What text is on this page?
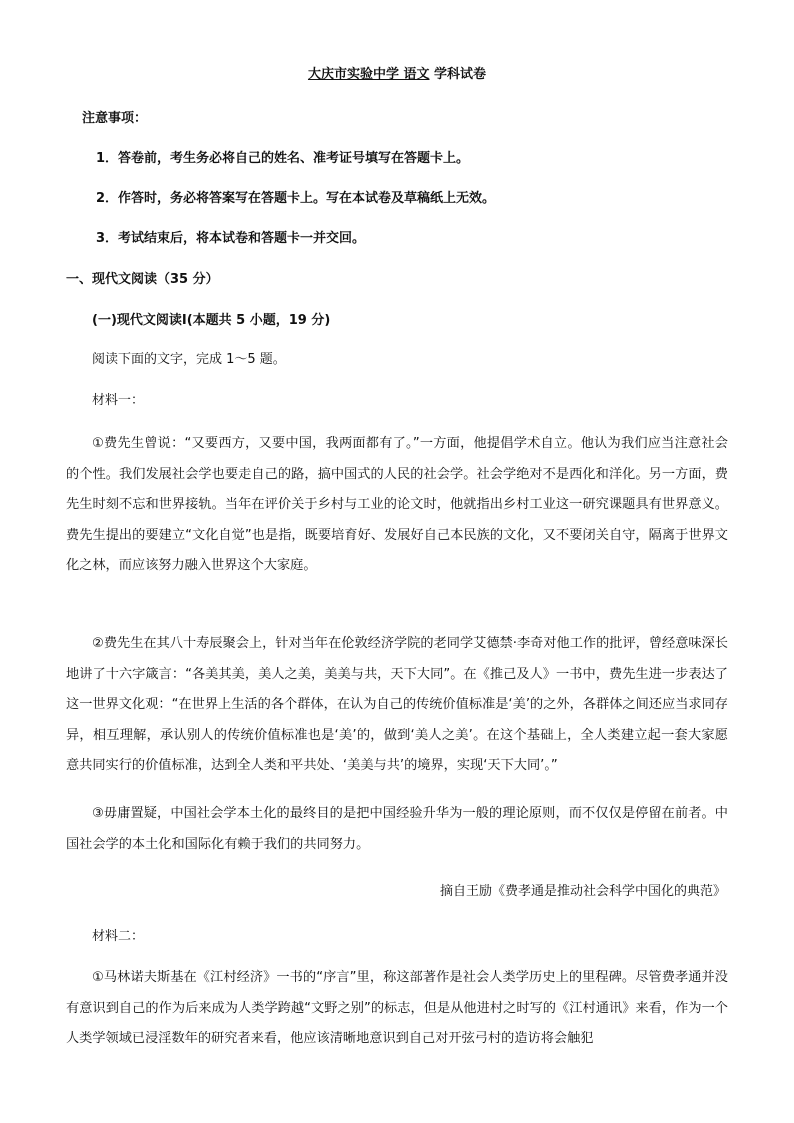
大庆市实验中学 语文 学科试卷
注意事项：
1．答卷前，考生务必将自己的姓名、准考证号填写在答题卡上。
2．作答时，务必将答案写在答题卡上。写在本试卷及草稿纸上无效。
3．考试结束后，将本试卷和答题卡一并交回。
一、现代文阅读（35 分）
(一)现代文阅读Ⅰ(本题共 5 小题，19 分)
阅读下面的文字，完成 1～5 题。
材料一：
①费先生曾说：“又要西方，又要中国，我两面都有了。”一方面，他提倡学术自立。他认为我们应当注意社会的个性。我们发展社会学也要走自己的路，搞中国式的人民的社会学。社会学绝对不是西化和洋化。另一方面，费先生时刻不忘和世界接轨。当年在评价关于乡村与工业的论文时，他就指出乡村工业这一研究课题具有世界意义。费先生提出的要建立“文化自觉”也是指，既要培育好、发展好自己本民族的文化，又不要闭关自守，隔离于世界文化之林，而应该努力融入世界这个大家庭。
②费先生在其八十寿辰聚会上，针对当年在伦敦经济学院的老同学艾德禁·李奇对他工作的批评，曾经意味深长地讲了十六字箴言：“各美其美，美人之美，美美与共，天下大同”。在《推己及人》一书中，费先生进一步表达了这一世界文化观：“在世界上生活的各个群体，在认为自己的传统价值标准是‘美’的之外，各群体之间还应当求同存异，相互理解，承认别人的传统价值标准也是‘美’的，做到‘美人之美’。在这个基础上，全人类建立起一套大家愿意共同实行的价值标准，达到全人类和平共处、‘美美与共’的境界，实现‘天下大同’。”
③毋庸置疑，中国社会学本土化的最终目的是把中国经验升华为一般的理论原则，而不仅仅是停留在前者。中国社会学的本土化和国际化有赖于我们的共同努力。
摘自王励《费孝通是推动社会科学中国化的典范》
材料二：
①马林诺夫斯基在《江村经济》一书的“序言”里，称这部著作是社会人类学历史上的里程碑。尽管费孝通并没有意识到自己的作为后来成为人类学跨越“文野之别”的标志，但是从他进村之时写的《江村通讯》来看，作为一个人类学领域已浸淫数年的研究者来看，他应该清晰地意识到自己对开弦弓村的造访将会触犯
